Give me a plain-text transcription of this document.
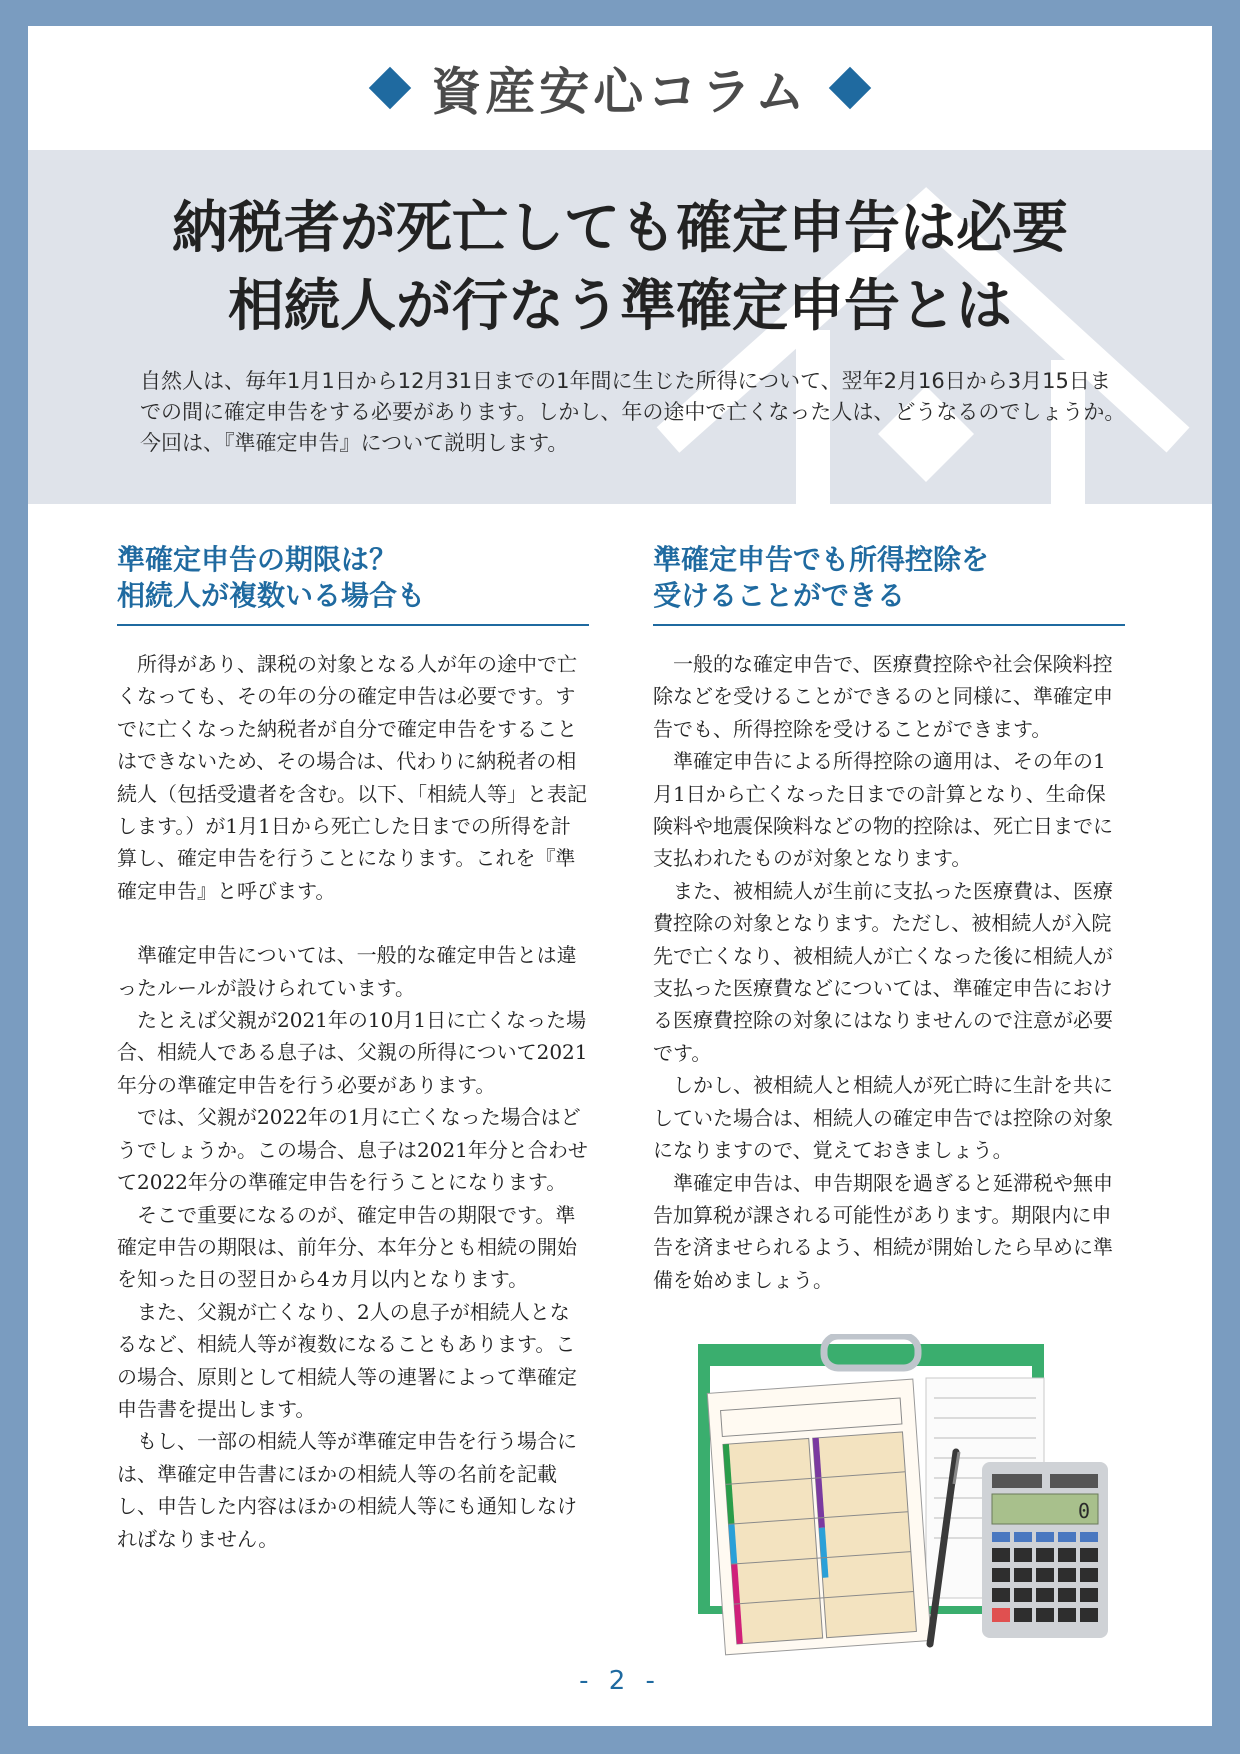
資産安心コラム
納税者が死亡しても確定申告は必要
相続人が行なう準確定申告とは
自然人は、毎年1月1日から12月31日までの1年間に生じた所得について、翌年2月16日から3月15日までの間に確定申告をする必要があります。しかし、年の途中で亡くなった人は、どうなるのでしょうか。今回は、『準確定申告』について説明します。
準確定申告の期限は？
相続人が複数いる場合も

所得があり、課税の対象となる人が年の途中で亡くなっても、その年の分の確定申告は必要です。すでに亡くなった納税者が自分で確定申告をすることはできないため、その場合は、代わりに納税者の相続人（包括受遺者を含む。以下、「相続人等」と表記します。）が1月1日から死亡した日までの所得を計算し、確定申告を行うことになります。これを『準確定申告』と呼びます。

準確定申告については、一般的な確定申告とは違ったルールが設けられています。

たとえば父親が2021年の10月1日に亡くなった場合、相続人である息子は、父親の所得について2021年分の準確定申告を行う必要があります。

では、父親が2022年の1月に亡くなった場合はどうでしょうか。この場合、息子は2021年分と合わせて2022年分の準確定申告を行うことになります。

そこで重要になるのが、確定申告の期限です。準確定申告の期限は、前年分、本年分とも相続の開始を知った日の翌日から4カ月以内となります。

また、父親が亡くなり、2人の息子が相続人となるなど、相続人等が複数になることもあります。この場合、原則として相続人等の連署によって準確定申告書を提出します。

もし、一部の相続人等が準確定申告を行う場合には、準確定申告書にほかの相続人等の名前を記載し、申告した内容はほかの相続人等にも通知しなければなりません。

準確定申告でも所得控除を
受けることができる

一般的な確定申告で、医療費控除や社会保険料控除などを受けることができるのと同様に、準確定申告でも、所得控除を受けることができます。

準確定申告による所得控除の適用は、その年の1月1日から亡くなった日までの計算となり、生命保険料や地震保険料などの物的控除は、死亡日までに支払われたものが対象となります。

また、被相続人が生前に支払った医療費は、医療費控除の対象となります。ただし、被相続人が入院先で亡くなり、被相続人が亡くなった後に相続人が支払った医療費などについては、準確定申告における医療費控除の対象にはなりませんので注意が必要です。

しかし、被相続人と相続人が死亡時に生計を共にしていた場合は、相続人の確定申告では控除の対象になりますので、覚えておきましょう。

準確定申告は、申告期限を過ぎると延滞税や無申告加算税が課される可能性があります。期限内に申告を済ませられるよう、相続が開始したら早めに準備を始めましょう。

0
- 2 -
